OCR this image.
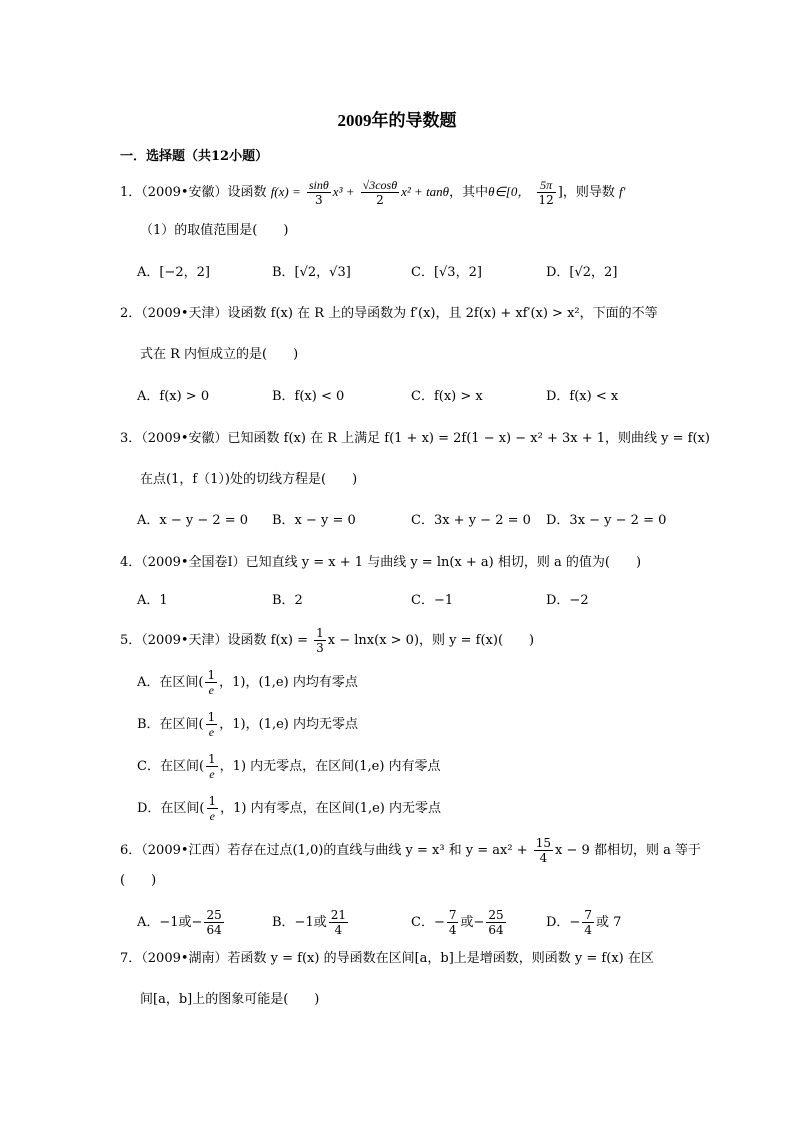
2009年的导数题
一．选择题（共12小题）
1．（2009•安徽）设函数 $f(x) = \frac{\sin\theta}{3} x^3 + \frac{√3\cos\theta}{2} x^2 + \tan\theta$，其中θ∈[0， $\frac{5\pi}{12}$ ]，则导数 f′
（1）的取值范围是(　　)
A．[−2，2]	B．[√2，√3]	C．[√3，2]	D．[√2，2]
2．（2009•天津）设函数 f(x) 在 R 上的导函数为 f′(x)，且 2f(x) + xf′(x) > x²，下面的不等
式在 R 内恒成立的是(　　)
A．f(x) > 0	B．f(x) < 0	C．f(x) > x	D．f(x) < x
3．（2009•安徽）已知函数 f(x) 在 R 上满足 f(1 + x) = 2f(1 − x) − x² + 3x + 1，则曲线 y = f(x)
在点(1，f（1）)处的切线方程是(　　)
A．x − y − 2 = 0 B．x − y = 0	C．3x + y − 2 = 0 D．3x − y − 2 = 0
4．（2009•全国卷Ⅰ）已知直线 y = x + 1 与曲线 y = ln(x + a) 相切，则 a 的值为(　　)
A．1	B．2	C．−1	D．−2
5．（2009•天津）设函数 $f(x) = \frac{1}{3}$ x − lnx(x > 0)，则 y = f(x)(　　)
A．在区间( $\frac{1}{e}$ ，1)，(1,e) 内均有零点
B．在区间( $\frac{1}{e}$ ，1)，(1,e) 内均无零点
C．在区间( $\frac{1}{e}$ ，1) 内无零点，在区间(1,e) 内有零点
D．在区间( $\frac{1}{e}$ ，1) 内有零点，在区间(1,e) 内无零点
6．（2009•江西）若存在过点(1,0)的直线与曲线 y = x³ 和 $y = ax^2 + \frac{15}{4}$ x − 9 都相切，则 a 等于
(　　)
A．−1或− $\frac{25}{64}$	B．−1或 $\frac{21}{4}$	C．− $\frac{7}{4}$ 或− $\frac{25}{64}$	D．− $\frac{7}{4}$ 或 7
7．（2009•湖南）若函数 y = f(x) 的导函数在区间[a，b]上是增函数，则函数 y = f(x) 在区
间[a，b]上的图象可能是(　　)
